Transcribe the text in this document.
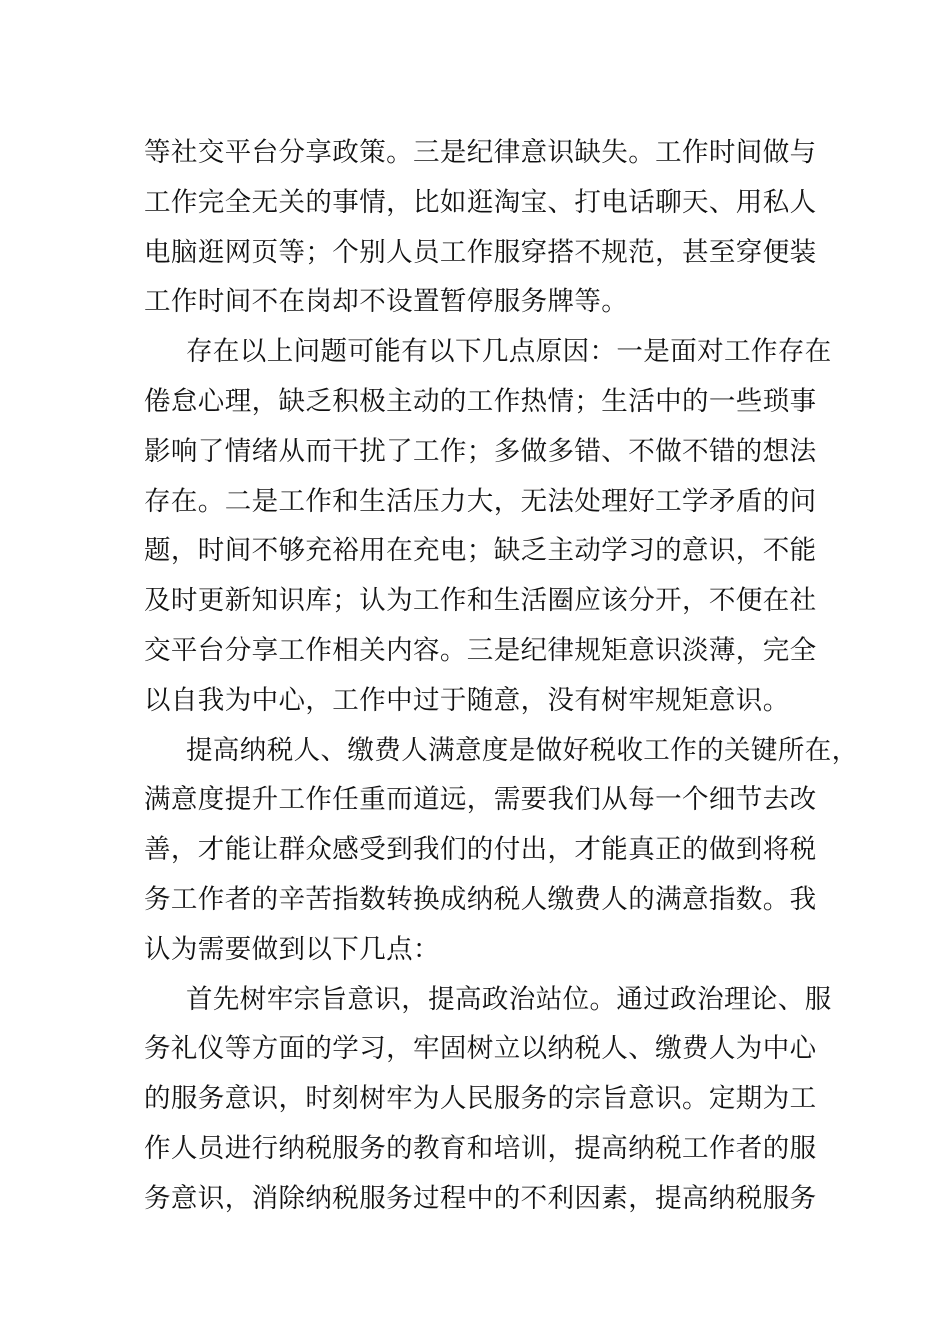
等社交平台分享政策。三是纪律意识缺失。工作时间做与
工作完全无关的事情，比如逛淘宝、打电话聊天、用私人
电脑逛网页等；个别人员工作服穿搭不规范，甚至穿便装
工作时间不在岗却不设置暂停服务牌等。
存在以上问题可能有以下几点原因：一是面对工作存在
倦怠心理，缺乏积极主动的工作热情；生活中的一些琐事
影响了情绪从而干扰了工作；多做多错、不做不错的想法
存在。二是工作和生活压力大，无法处理好工学矛盾的问
题，时间不够充裕用在充电；缺乏主动学习的意识，不能
及时更新知识库；认为工作和生活圈应该分开，不便在社
交平台分享工作相关内容。三是纪律规矩意识淡薄，完全
以自我为中心，工作中过于随意，没有树牢规矩意识。
提高纳税人、缴费人满意度是做好税收工作的关键所在，
满意度提升工作任重而道远，需要我们从每一个细节去改
善，才能让群众感受到我们的付出，才能真正的做到将税
务工作者的辛苦指数转换成纳税人缴费人的满意指数。我
认为需要做到以下几点：
首先树牢宗旨意识，提高政治站位。通过政治理论、服
务礼仪等方面的学习，牢固树立以纳税人、缴费人为中心
的服务意识，时刻树牢为人民服务的宗旨意识。定期为工
作人员进行纳税服务的教育和培训，提高纳税工作者的服
务意识，消除纳税服务过程中的不利因素，提高纳税服务
